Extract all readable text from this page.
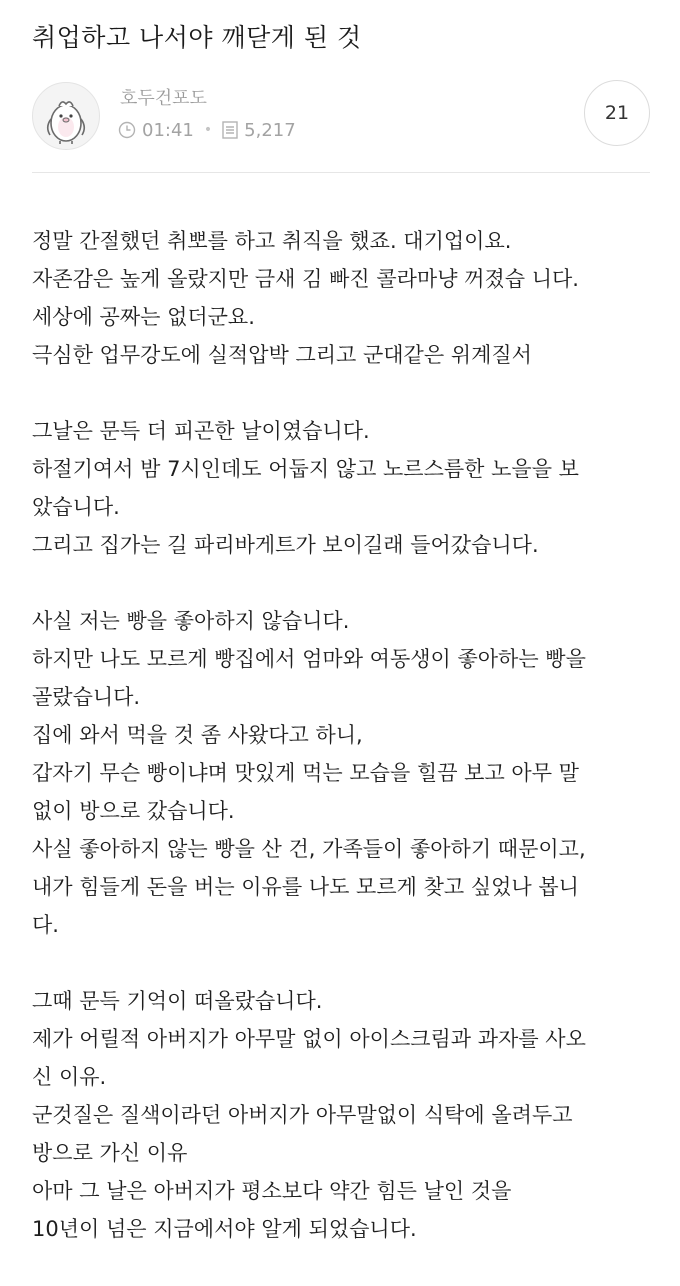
취업하고 나서야 깨닫게 된 것
호두건포도
01:41 • 5,217
21
정말 간절했던 취뽀를 하고 취직을 했죠. 대기업이요.
자존감은 높게 올랐지만 금새 김 빠진 콜라마냥 꺼졌습 니다.
세상에 공짜는 없더군요.
극심한 업무강도에 실적압박 그리고 군대같은 위계질서
그날은 문득 더 피곤한 날이였습니다.
하절기여서 밤 7시인데도 어둡지 않고 노르스름한 노을을 보
았습니다.
그리고 집가는 길 파리바게트가 보이길래 들어갔습니다.
사실 저는 빵을 좋아하지 않습니다.
하지만 나도 모르게 빵집에서 엄마와 여동생이 좋아하는 빵을
골랐습니다.
집에 와서 먹을 것 좀 사왔다고 하니,
갑자기 무슨 빵이냐며 맛있게 먹는 모습을 힐끔 보고 아무 말
없이 방으로 갔습니다.
사실 좋아하지 않는 빵을 산 건, 가족들이 좋아하기 때문이고,
내가 힘들게 돈을 버는 이유를 나도 모르게 찾고 싶었나 봅니
다.
그때 문득 기억이 떠올랐습니다.
제가 어릴적 아버지가 아무말 없이 아이스크림과 과자를 사오
신 이유.
군것질은 질색이라던 아버지가 아무말없이 식탁에 올려두고
방으로 가신 이유
아마 그 날은 아버지가 평소보다 약간 힘든 날인 것을
10년이 넘은 지금에서야 알게 되었습니다.
